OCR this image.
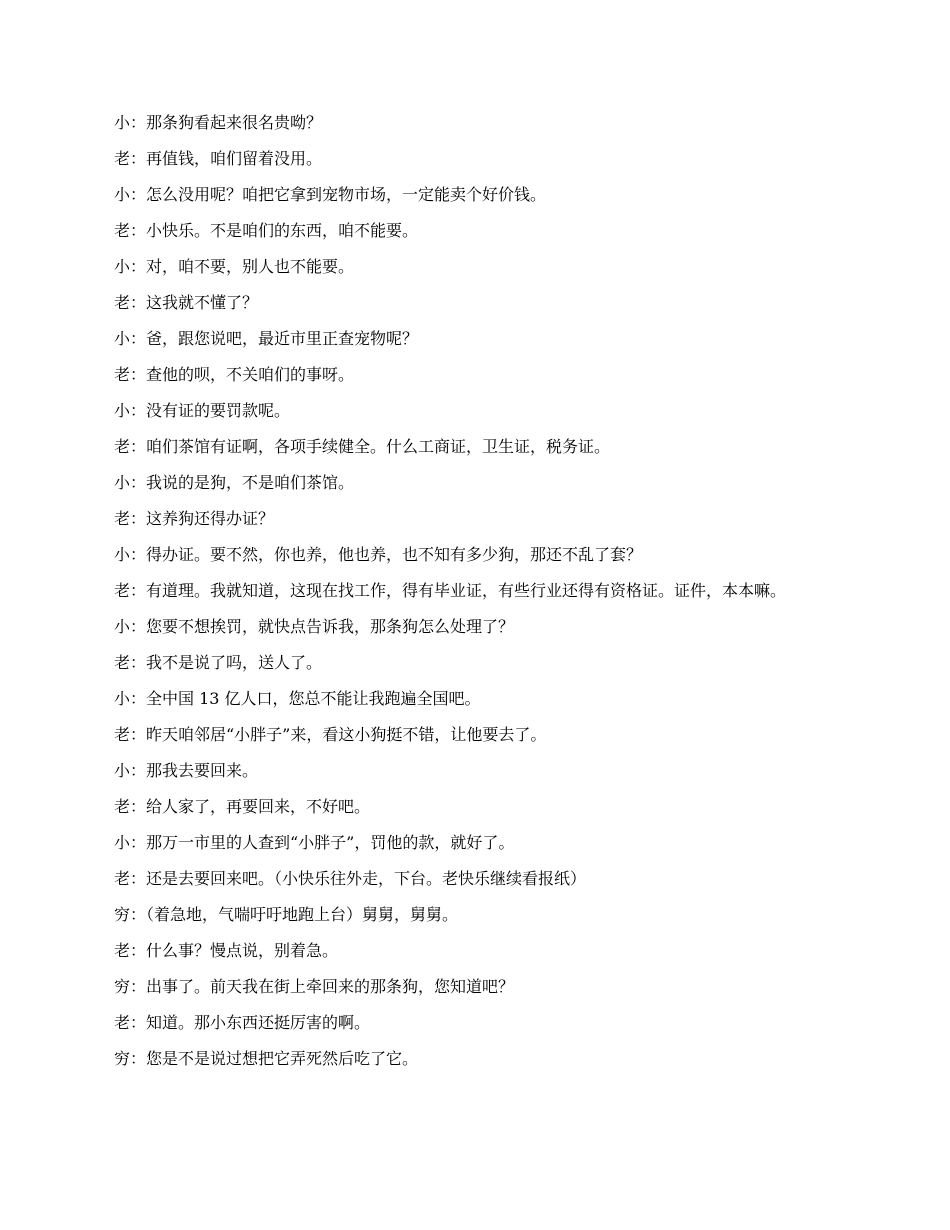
小：那条狗看起来很名贵呦？

老：再值钱，咱们留着没用。

小：怎么没用呢？咱把它拿到宠物市场，一定能卖个好价钱。

老：小快乐。不是咱们的东西，咱不能要。

小：对，咱不要，别人也不能要。

老：这我就不懂了？

小：爸，跟您说吧，最近市里正查宠物呢？

老：查他的呗，不关咱们的事呀。

小：没有证的要罚款呢。

老：咱们茶馆有证啊，各项手续健全。什么工商证，卫生证，税务证。

小：我说的是狗，不是咱们茶馆。

老：这养狗还得办证？

小：得办证。要不然，你也养，他也养，也不知有多少狗，那还不乱了套？

老：有道理。我就知道，这现在找工作，得有毕业证，有些行业还得有资格证。证件，本本嘛。

小：您要不想挨罚，就快点告诉我，那条狗怎么处理了？

老：我不是说了吗，送人了。

小：全中国 13 亿人口，您总不能让我跑遍全国吧。

老：昨天咱邻居“小胖子”来，看这小狗挺不错，让他要去了。

小：那我去要回来。

老：给人家了，再要回来，不好吧。

小：那万一市里的人查到“小胖子”，罚他的款，就好了。

老：还是去要回来吧。（小快乐往外走，下台。老快乐继续看报纸）

穷：（着急地，气喘吁吁地跑上台）舅舅，舅舅。

老：什么事？慢点说，别着急。

穷：出事了。前天我在街上牵回来的那条狗，您知道吧？

老：知道。那小东西还挺厉害的啊。

穷：您是不是说过想把它弄死然后吃了它。
